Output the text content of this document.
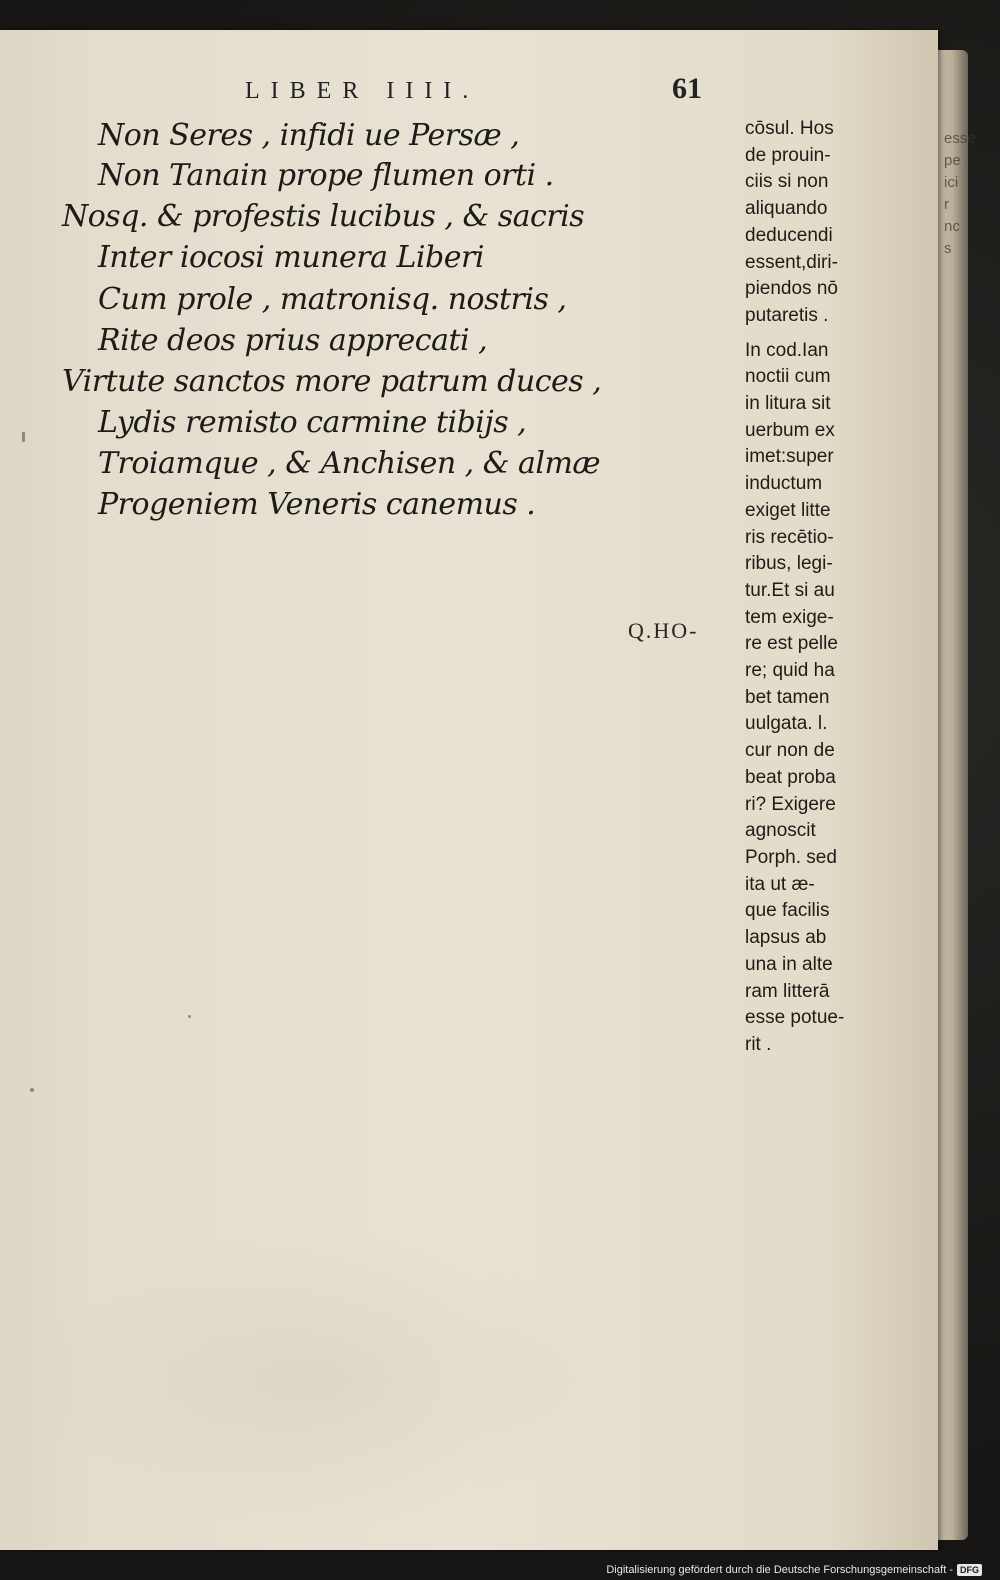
esse
pe
ici
r
nc
s
LIBER IIII.	61
Non Seres , infidi ue Persæ ,
Non Tanain prope flumen orti .
Nosq. & profestis lucibus , & sacris
Inter iocosi munera Liberi
Cum prole , matronisq. nostris ,
Rite deos prius apprecati ,
Virtute sanctos more patrum duces ,
Lydis remisto carmine tibijs ,
Troiamque , & Anchisen , & almæ
Progeniem Veneris canemus .
Q.HO-
cōsul. Hos
de prouin-
ciis si non
aliquando
deducendi
essent,diri-
piendos nō
putaretis .
In cod.Ian
noctii cum
in litura sit
uerbum ex
imet:super
inductum
exiget litte
ris recētio-
ribus, legi-
tur.Et si au
tem exige-
re est pelle
re; quid ha
bet tamen
uulgata. l.
cur non de
beat proba
ri? Exigere
agnoscit
Porph. sed
ita ut æ-
que facilis
lapsus ab
una in alte
ram litterā
esse potue-
rit .
Digitalisierung gefördert durch die Deutsche Forschungsgemeinschaft - DFG
